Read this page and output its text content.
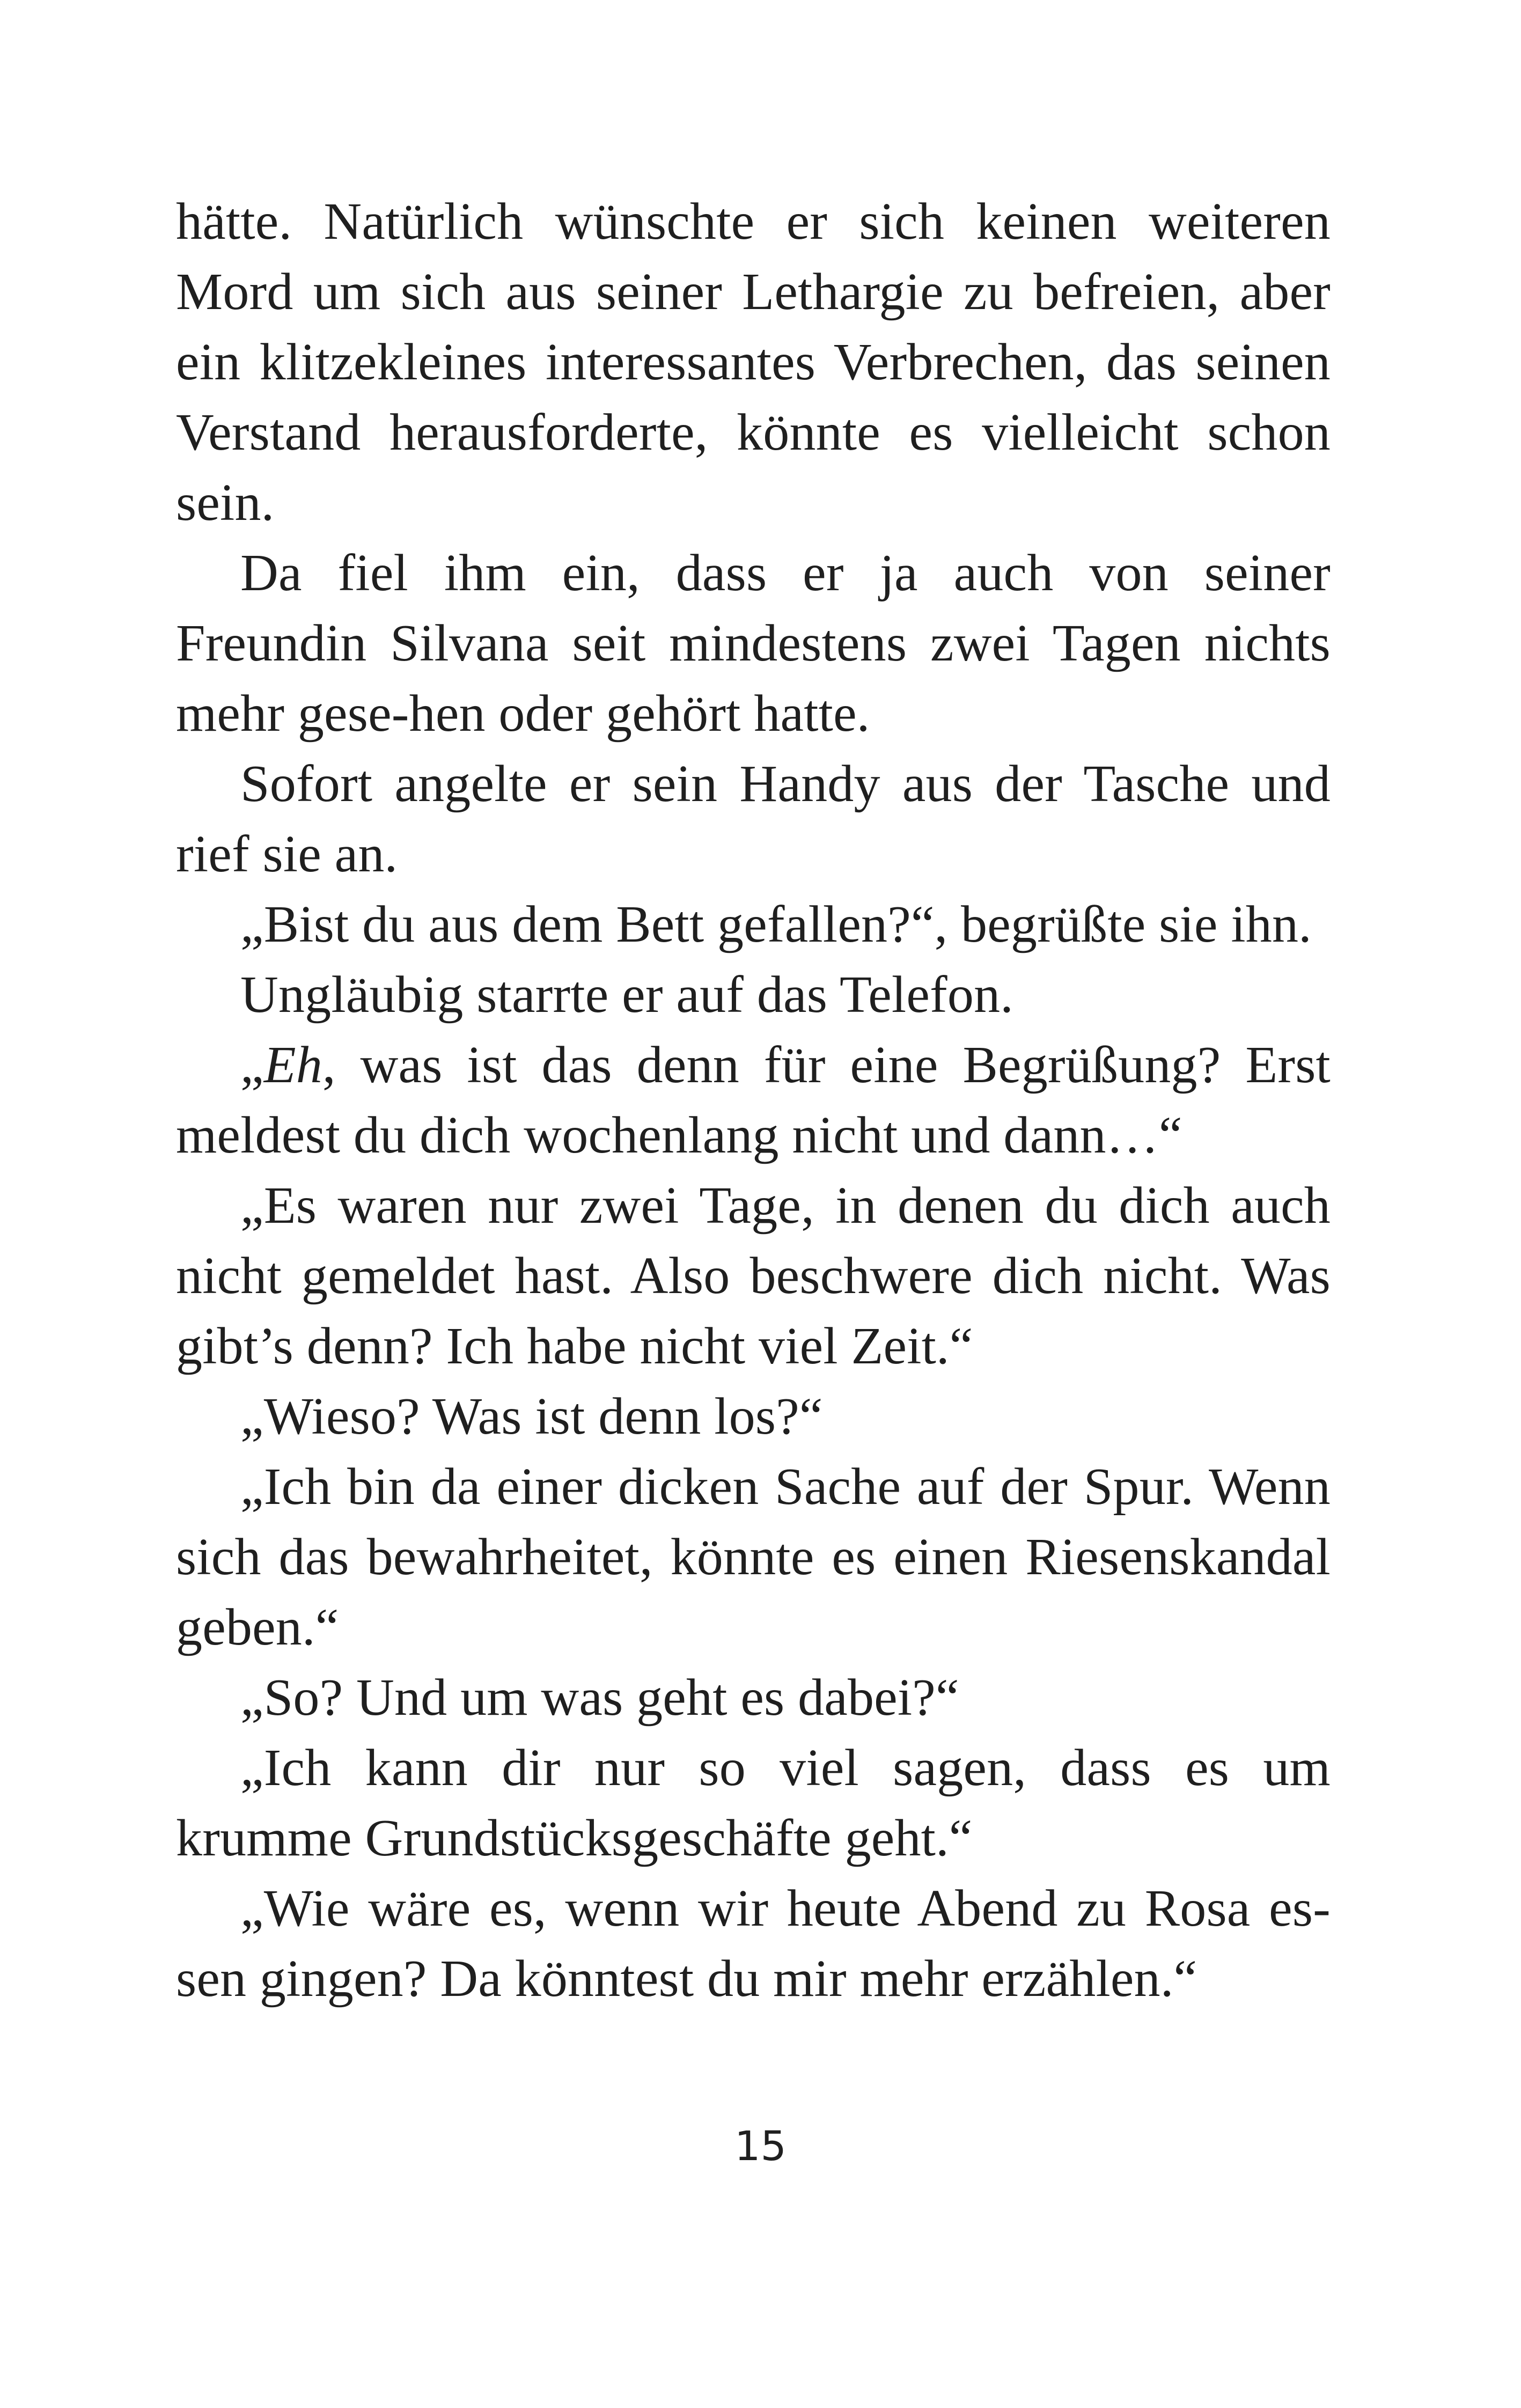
hätte. Natürlich wünschte er sich keinen weiteren Mord um sich aus seiner Lethargie zu befreien, aber ein klitzekleines interessantes Verbrechen, das seinen Verstand herausforderte, könnte es vielleicht schon sein.

Da fiel ihm ein, dass er ja auch von seiner Freundin Silvana seit mindestens zwei Tagen nichts mehr gese-hen oder gehört hatte.

Sofort angelte er sein Handy aus der Tasche und rief sie an.

„Bist du aus dem Bett gefallen?“, begrüßte sie ihn.

Ungläubig starrte er auf das Telefon.

„Eh, was ist das denn für eine Begrüßung? Erst meldest du dich wochenlang nicht und dann…“

„Es waren nur zwei Tage, in denen du dich auch nicht gemeldet hast. Also beschwere dich nicht. Was gibt’s denn? Ich habe nicht viel Zeit.“

„Wieso? Was ist denn los?“

„Ich bin da einer dicken Sache auf der Spur. Wenn sich das bewahrheitet, könnte es einen Riesenskandal geben.“

„So? Und um was geht es dabei?“

„Ich kann dir nur so viel sagen, dass es um krumme Grundstücksgeschäfte geht.“

„Wie wäre es, wenn wir heute Abend zu Rosa es-sen gingen? Da könntest du mir mehr erzählen.“

15
